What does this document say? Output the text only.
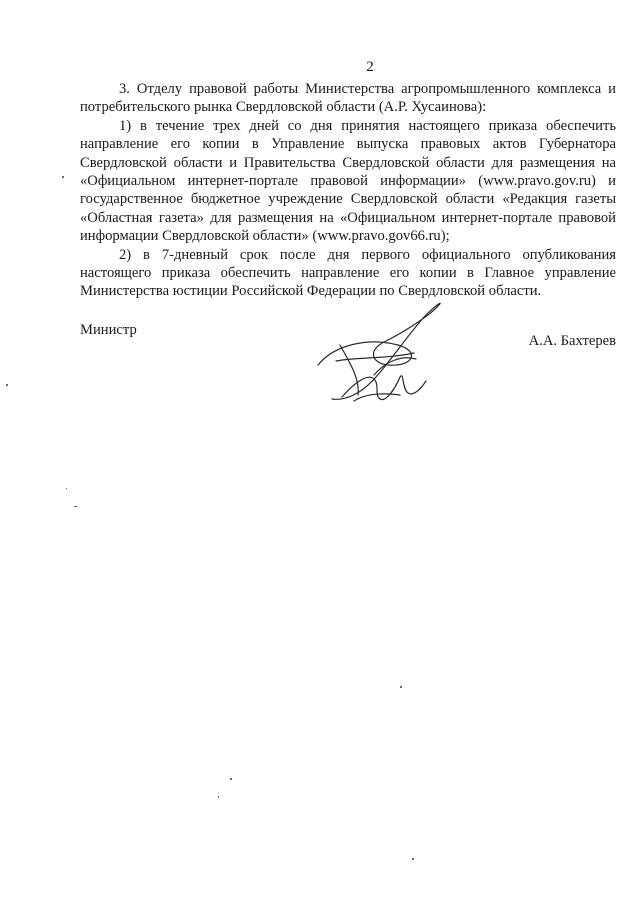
2

3. Отделу правовой работы Министерства агропромышленного комплекса и потребительского рынка Свердловской области (А.Р. Хусаинова):

1) в течение трех дней со дня принятия настоящего приказа обеспечить направление его копии в Управление выпуска правовых актов Губернатора Свердловской области и Правительства Свердловской области для размещения на «Официальном интернет-портале правовой информации» (www.pravo.gov.ru) и государственное бюджетное учреждение Свердловской области «Редакция газеты «Областная газета» для размещения на «Официальном интернет-портале правовой информации Свердловской области» (www.pravo.gov66.ru);

2) в 7-дневный срок после дня первого официального опубликования настоящего приказа обеспечить направление его копии в Главное управление Министерства юстиции Российской Федерации по Свердловской области.

Министр
А.А. Бахтерев
